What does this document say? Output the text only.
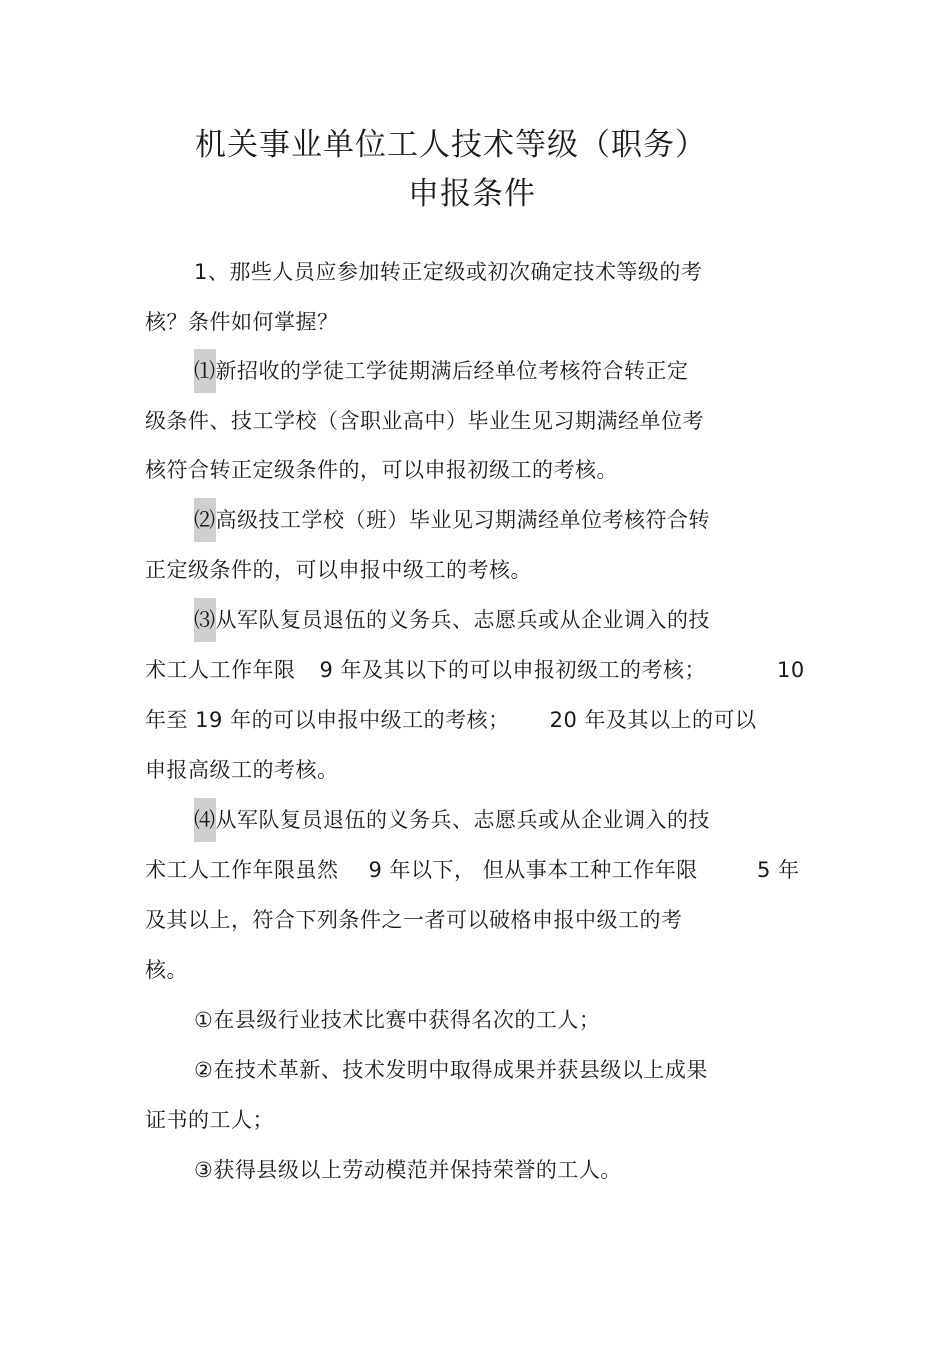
机关事业单位工人技术等级（职务）
申报条件
1、那些人员应参加转正定级或初次确定技术等级的考
核？条件如何掌握？
⑴新招收的学徒工学徒期满后经单位考核符合转正定
级条件、技工学校（含职业高中）毕业生见习期满经单位考
核符合转正定级条件的，可以申报初级工的考核。
⑵高级技工学校（班）毕业见习期满经单位考核符合转
正定级条件的，可以申报中级工的考核。
⑶从军队复员退伍的义务兵、志愿兵或从企业调入的技
术工人工作年限 9 年及其以下的可以申报初级工的考核；	10
年至 19 年的可以申报中级工的考核； 20 年及其以上的可以
申报高级工的考核。
⑷从军队复员退伍的义务兵、志愿兵或从企业调入的技
术工人工作年限虽然 9 年以下， 但从事本工种工作年限	5 年
及其以上，符合下列条件之一者可以破格申报中级工的考
核。
①在县级行业技术比赛中获得名次的工人；
②在技术革新、技术发明中取得成果并获县级以上成果
证书的工人；
③获得县级以上劳动模范并保持荣誉的工人。
